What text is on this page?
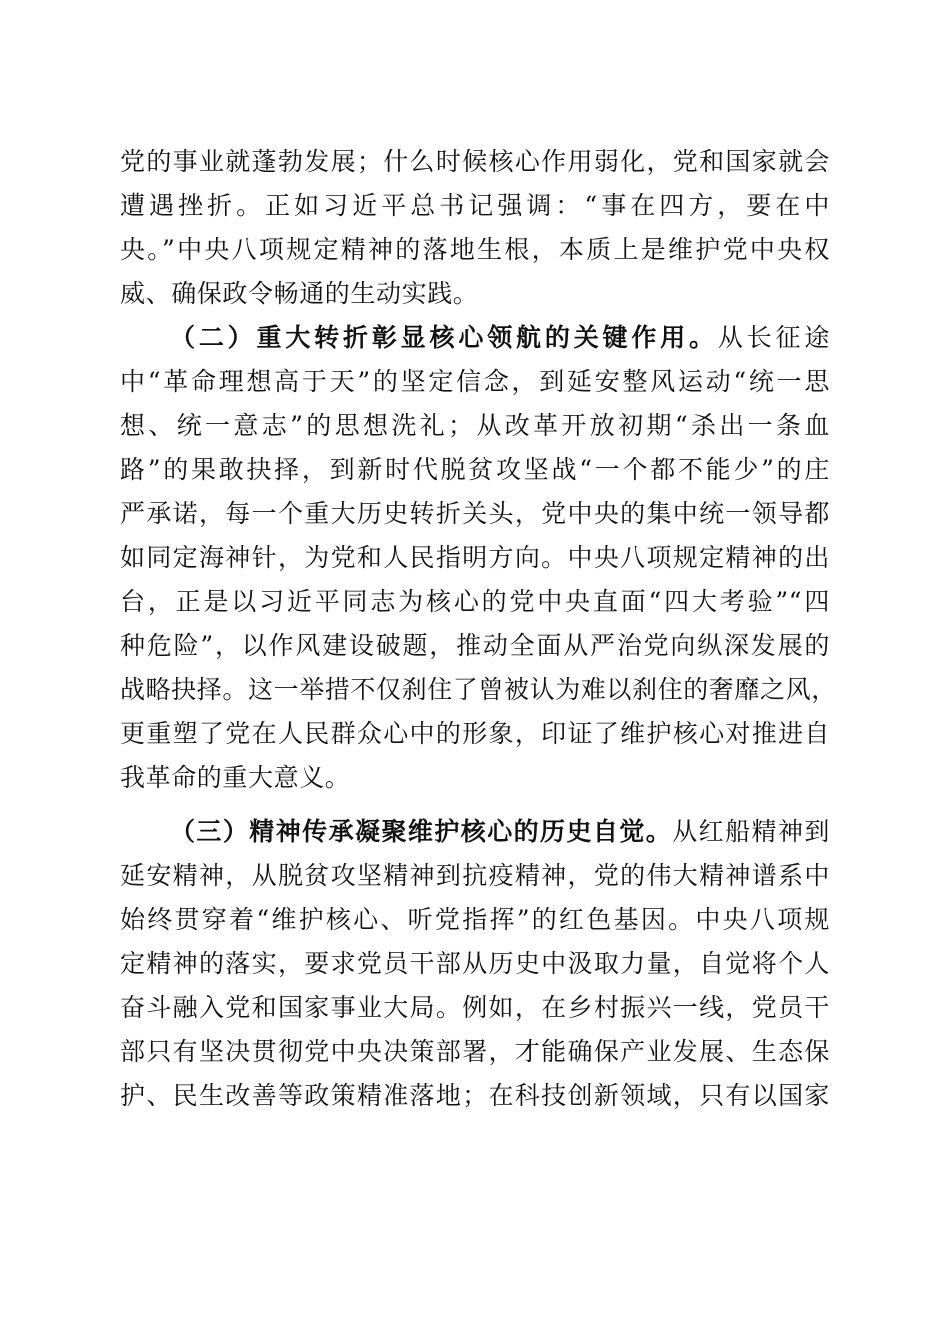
党的事业就蓬勃发展；什么时候核心作用弱化，党和国家就会
遭遇挫折。正如习近平总书记强调：“事在四方，要在中
央。”中央八项规定精神的落地生根，本质上是维护党中央权
威、确保政令畅通的生动实践。
（二）重大转折彰显核心领航的关键作用。从长征途
中“革命理想高于天”的坚定信念，到延安整风运动“统一思
想、统一意志”的思想洗礼；从改革开放初期“杀出一条血
路”的果敢抉择，到新时代脱贫攻坚战“一个都不能少”的庄
严承诺，每一个重大历史转折关头，党中央的集中统一领导都
如同定海神针，为党和人民指明方向。中央八项规定精神的出
台，正是以习近平同志为核心的党中央直面“四大考验”“四
种危险”，以作风建设破题，推动全面从严治党向纵深发展的
战略抉择。这一举措不仅刹住了曾被认为难以刹住的奢靡之风，
更重塑了党在人民群众心中的形象，印证了维护核心对推进自
我革命的重大意义。
（三）精神传承凝聚维护核心的历史自觉。从红船精神到
延安精神，从脱贫攻坚精神到抗疫精神，党的伟大精神谱系中
始终贯穿着“维护核心、听党指挥”的红色基因。中央八项规
定精神的落实，要求党员干部从历史中汲取力量，自觉将个人
奋斗融入党和国家事业大局。例如，在乡村振兴一线，党员干
部只有坚决贯彻党中央决策部署，才能确保产业发展、生态保
护、民生改善等政策精准落地；在科技创新领域，只有以国家
